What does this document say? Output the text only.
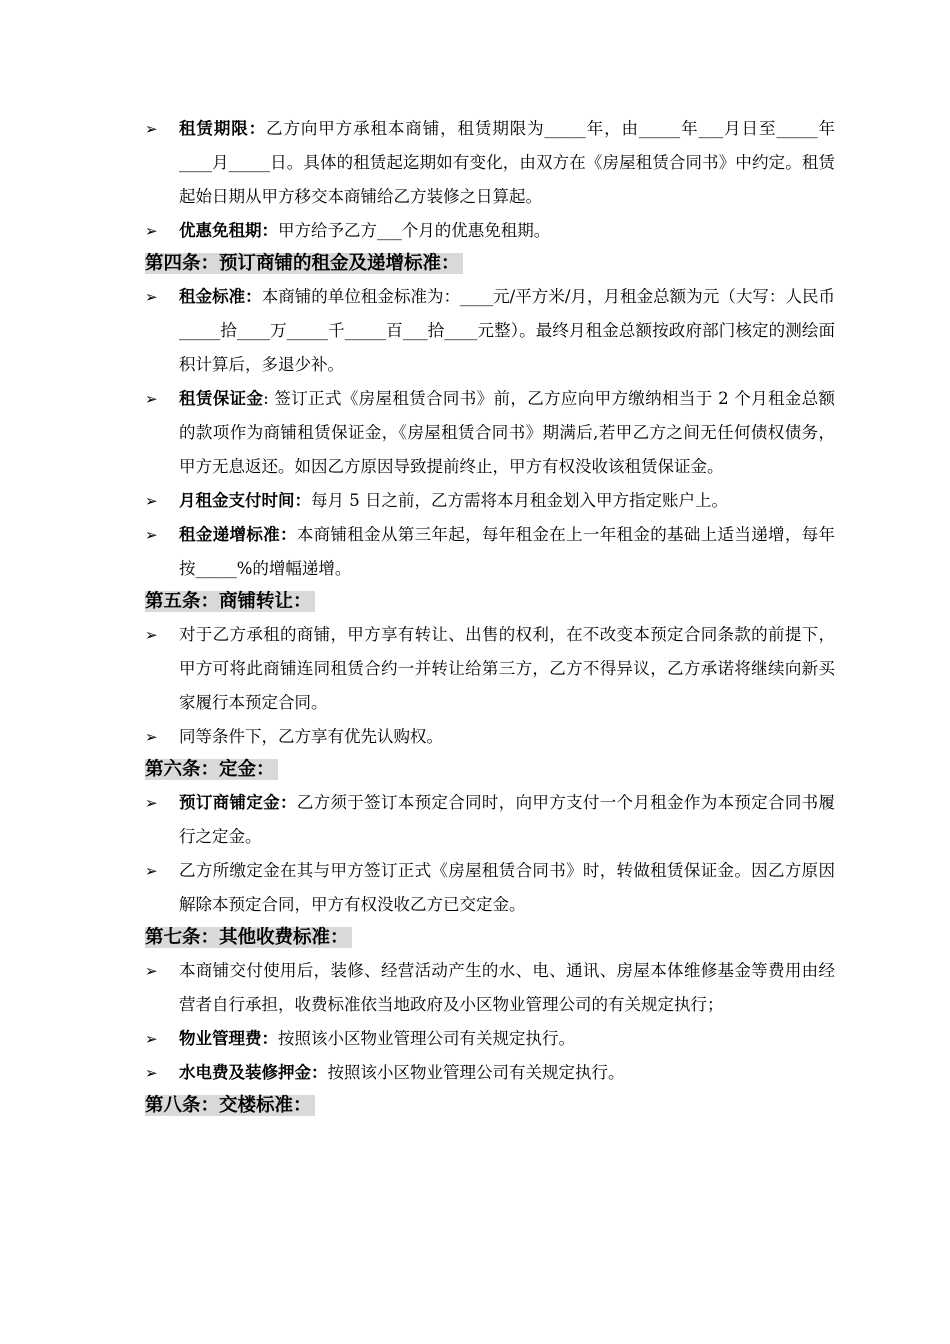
➢	租赁期限：乙方向甲方承租本商铺，租赁期限为_____年，由_____年___月日至_____年____月_____日。具体的租赁起迄期如有变化，由双方在《房屋租赁合同书》中约定。租赁起始日期从甲方移交本商铺给乙方装修之日算起。
➢	优惠免租期：甲方给予乙方___个月的优惠免租期。
第四条：预订商铺的租金及递增标准：
➢	租金标准：本商铺的单位租金标准为：____元/平方米/月，月租金总额为元（大写：人民币_____拾____万_____千_____百___拾____元整）。最终月租金总额按政府部门核定的测绘面积计算后，多退少补。
➢	租赁保证金: 签订正式《房屋租赁合同书》前，乙方应向甲方缴纳相当于 2 个月租金总额的款项作为商铺租赁保证金，《房屋租赁合同书》期满后,若甲乙方之间无任何债权债务，甲方无息返还。如因乙方原因导致提前终止，甲方有权没收该租赁保证金。
➢	月租金支付时间：每月 5 日之前，乙方需将本月租金划入甲方指定账户上。
➢	租金递增标准：本商铺租金从第三年起，每年租金在上一年租金的基础上适当递增，每年按_____%的增幅递增。
第五条：商铺转让：
➢	对于乙方承租的商铺，甲方享有转让、出售的权利，在不改变本预定合同条款的前提下，甲方可将此商铺连同租赁合约一并转让给第三方，乙方不得异议，乙方承诺将继续向新买家履行本预定合同。
➢	同等条件下，乙方享有优先认购权。
第六条：定金：
➢	预订商铺定金：乙方须于签订本预定合同时，向甲方支付一个月租金作为本预定合同书履行之定金。
➢	乙方所缴定金在其与甲方签订正式《房屋租赁合同书》时，转做租赁保证金。因乙方原因解除本预定合同，甲方有权没收乙方已交定金。
第七条：其他收费标准：
➢	本商铺交付使用后，装修、经营活动产生的水、电、通讯、房屋本体维修基金等费用由经营者自行承担，收费标准依当地政府及小区物业管理公司的有关规定执行；
➢	物业管理费：按照该小区物业管理公司有关规定执行。
➢	水电费及装修押金：按照该小区物业管理公司有关规定执行。
第八条：交楼标准：
